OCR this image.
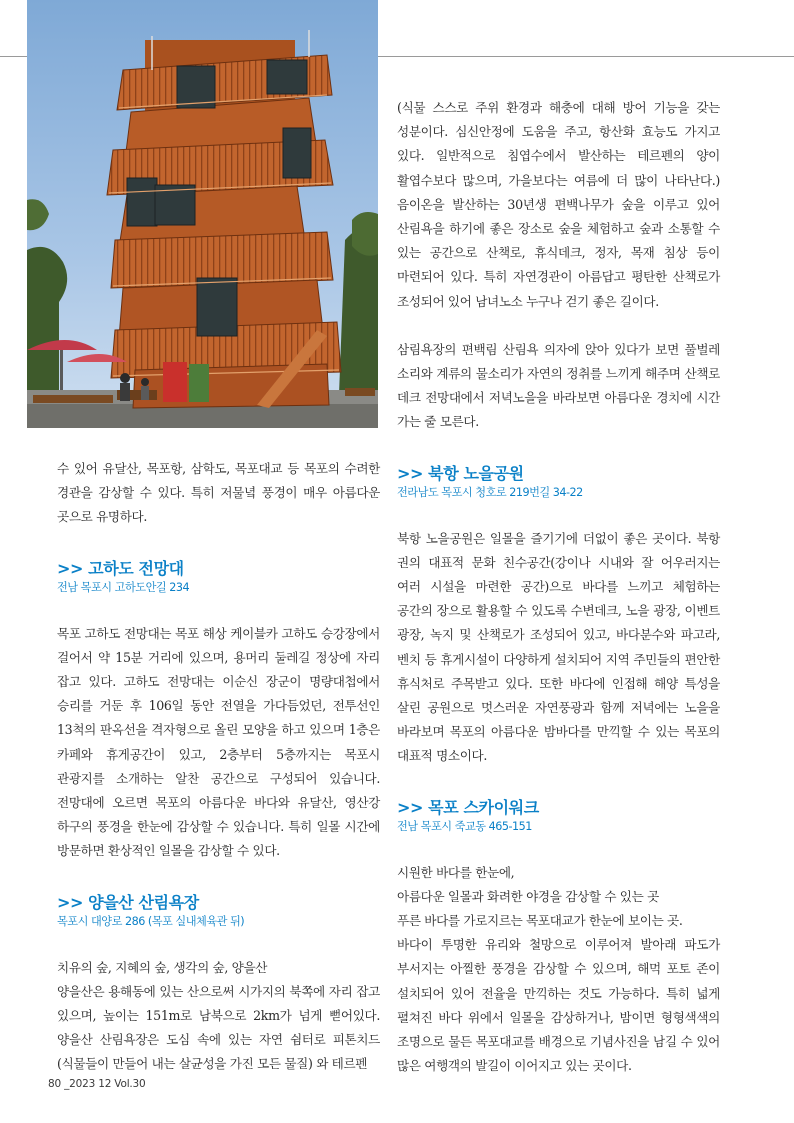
수 있어 유달산, 목포항, 삼학도, 목포대교 등 목포의 수려한 경관을 감상할 수 있다. 특히 저물녘 풍경이 매우 아름다운 곳으로 유명하다.

>> 고하도 전망대

전남 목포시 고하도안길 234

목포 고하도 전망대는 목포 해상 케이블카 고하도 승강장에서 걸어서 약 15분 거리에 있으며, 용머리 둘레길 정상에 자리 잡고 있다. 고하도 전망대는 이순신 장군이 명량대첩에서 승리를 거둔 후 106일 동안 전열을 가다듬었던, 전투선인 13척의 판옥선을 격자형으로 올린 모양을 하고 있으며 1층은 카페와 휴게공간이 있고, 2층부터 5층까지는 목포시 관광지를 소개하는 알찬 공간으로 구성되어 있습니다. 전망대에 오르면 목포의 아름다운 바다와 유달산, 영산강 하구의 풍경을 한눈에 감상할 수 있습니다. 특히 일몰 시간에 방문하면 환상적인 일몰을 감상할 수 있다.

>> 양을산 산림욕장

목포시 대양로 286 (목포 실내체육관 뒤)

치유의 숲, 지혜의 숲, 생각의 숲, 양을산

양을산은 용해동에 있는 산으로써 시가지의 북쪽에 자리 잡고 있으며, 높이는 151m로 남북으로 2km가 넘게 뻗어있다. 양을산 산림욕장은 도심 속에 있는 자연 쉼터로 피톤치드(식물들이 만들어 내는 살균성을 가진 모든 물질) 와 테르펜

(식물 스스로 주위 환경과 해충에 대해 방어 기능을 갖는 성분이다. 심신안정에 도움을 주고, 항산화 효능도 가지고 있다. 일반적으로 침엽수에서 발산하는 테르펜의 양이 활엽수보다 많으며, 가을보다는 여름에 더 많이 나타난다.) 음이온을 발산하는 30년생 편백나무가 숲을 이루고 있어 산림욕을 하기에 좋은 장소로 숲을 체험하고 숲과 소통할 수 있는 공간으로 산책로, 휴식데크, 정자, 목재 침상 등이 마련되어 있다. 특히 자연경관이 아름답고 평탄한 산책로가 조성되어 있어 남녀노소 누구나 걷기 좋은 길이다.

삼림욕장의 편백림 산림욕 의자에 앉아 있다가 보면 풀벌레 소리와 계류의 물소리가 자연의 정취를 느끼게 해주며 산책로 데크 전망대에서 저녁노을을 바라보면 아름다운 경치에 시간 가는 줄 모른다.

>> 북항 노을공원

전라남도 목포시 청호로 219번길 34-22

북항 노을공원은 일몰을 즐기기에 더없이 좋은 곳이다. 북항 권의 대표적 문화 친수공간(강이나 시내와 잘 어우러지는 여러 시설을 마련한 공간)으로 바다를 느끼고 체험하는 공간의 장으로 활용할 수 있도록 수변데크, 노을 광장, 이벤트 광장, 녹지 및 산책로가 조성되어 있고, 바다분수와 파고라, 벤치 등 휴게시설이 다양하게 설치되어 지역 주민들의 편안한 휴식처로 주목받고 있다. 또한 바다에 인접해 해양 특성을 살린 공원으로 멋스러운 자연풍광과 함께 저녁에는 노을을 바라보며 목포의 아름다운 밤바다를 만끽할 수 있는 목포의 대표적 명소이다.

>> 목포 스카이워크

전남 목포시 죽교동 465-151

시원한 바다를 한눈에,

아름다운 일몰과 화려한 야경을 감상할 수 있는 곳

푸른 바다를 가로지르는 목포대교가 한눈에 보이는 곳.

바다이 투명한 유리와 철망으로 이루어져 발아래 파도가 부서지는 아찔한 풍경을 감상할 수 있으며, 해먹 포토 존이 설치되어 있어 전율을 만끽하는 것도 가능하다. 특히 넓게 펼쳐진 바다 위에서 일몰을 감상하거나, 밤이면 형형색색의 조명으로 물든 목포대교를 배경으로 기념사진을 남길 수 있어 많은 여행객의 발길이 이어지고 있는 곳이다.

80 _2023 12 Vol.30
